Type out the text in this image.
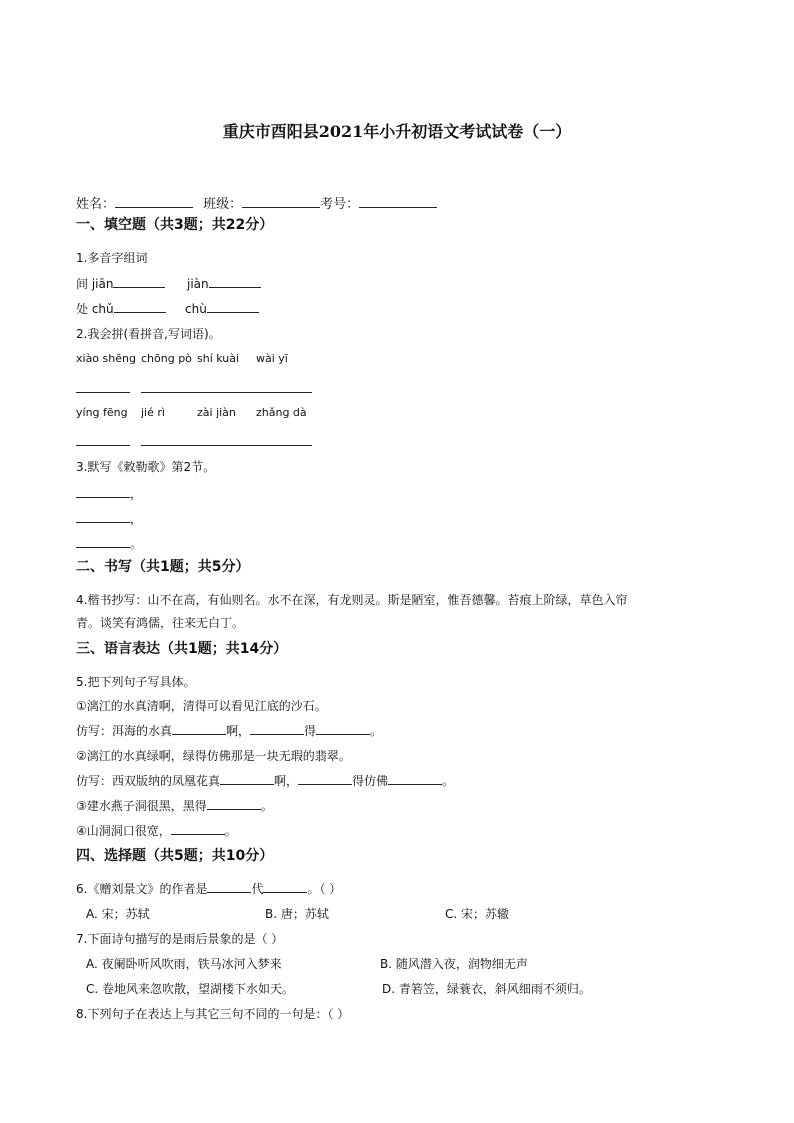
重庆市酉阳县2021年小升初语文考试试卷（一）
姓名：	班级：	考号：
一、填空题（共3题；共22分）
1.多音字组词
间 jiān	jiàn
处 chǔ	chù
2.我会拼(看拼音,写词语)。
xiào shēng chōng pò shí kuài wài yī
yíng fēng jié rì	zài jiàn zhǎng dà
3.默写《敕勒歌》第2节。
，
，
。
二、书写（共1题；共5分）
4.楷书抄写：山不在高，有仙则名。水不在深，有龙则灵。斯是陋室，惟吾德馨。苔痕上阶绿，草色入帘
青。谈笑有鸿儒，往来无白丁。
三、语言表达（共1题；共14分）
5.把下列句子写具体。
①漓江的水真清啊，清得可以看见江底的沙石。
仿写：洱海的水真	啊，	得	。
②漓江的水真绿啊，绿得仿佛那是一块无瑕的翡翠。
仿写：西双版纳的凤凰花真	啊，	得仿佛	。
③建水燕子洞很黑，黑得	。
④山洞洞口很宽，	。
四、选择题（共5题；共10分）
6.《赠刘景文》的作者是	代	。（ ）
A. 宋；苏轼	B. 唐；苏轼	C. 宋；苏辙
7.下面诗句描写的是雨后景象的是（ ）
A. 夜阑卧听风吹雨，铁马冰河入梦来	B. 随风潜入夜，润物细无声
C. 卷地风来忽吹散，望湖楼下水如天。	D. 青箬笠，绿蓑衣，斜风细雨不须归。
8.下列句子在表达上与其它三句不同的一句是：（ ）
